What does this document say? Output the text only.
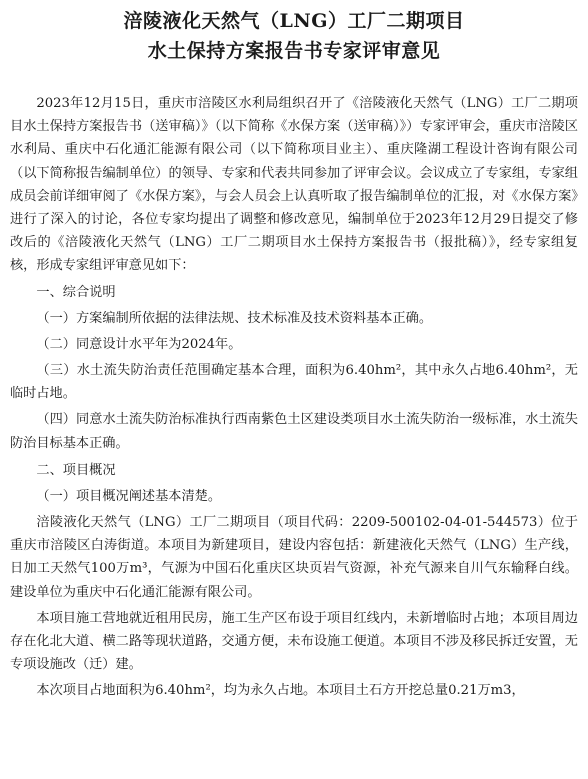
涪陵液化天然气（LNG）工厂二期项目

水土保持方案报告书专家评审意见

2023年12月15日，重庆市涪陵区水利局组织召开了《涪陵液化天然气（LNG）工厂二期项目水土保持方案报告书（送审稿）》（以下简称《水保方案（送审稿）》）专家评审会，重庆市涪陵区水利局、重庆中石化通汇能源有限公司（以下简称项目业主）、重庆隆湖工程设计咨询有限公司（以下简称报告编制单位）的领导、专家和代表共同参加了评审会议。会议成立了专家组，专家组成员会前详细审阅了《水保方案》，与会人员会上认真听取了报告编制单位的汇报，对《水保方案》进行了深入的讨论，各位专家均提出了调整和修改意见，编制单位于2023年12月29日提交了修改后的《涪陵液化天然气（LNG）工厂二期项目水土保持方案报告书（报批稿）》，经专家组复核，形成专家组评审意见如下：

一、综合说明

（一）方案编制所依据的法律法规、技术标准及技术资料基本正确。

（二）同意设计水平年为2024年。

（三）水土流失防治责任范围确定基本合理，面积为6.40hm²，其中永久占地6.40hm²，无临时占地。

（四）同意水土流失防治标准执行西南紫色土区建设类项目水土流失防治一级标准，水土流失防治目标基本正确。

二、项目概况

（一）项目概况阐述基本清楚。

涪陵液化天然气（LNG）工厂二期项目（项目代码：2209-500102-04-01-544573）位于重庆市涪陵区白涛街道。本项目为新建项目，建设内容包括：新建液化天然气（LNG）生产线，日加工天然气100万m³，气源为中国石化重庆区块页岩气资源，补充气源来自川气东输释白线。建设单位为重庆中石化通汇能源有限公司。

本项目施工营地就近租用民房，施工生产区布设于项目红线内，未新增临时占地；本项目周边存在化北大道、横二路等现状道路，交通方便，未布设施工便道。本项目不涉及移民拆迁安置，无专项设施改（迁）建。

本次项目占地面积为6.40hm²，均为永久占地。本项目土石方开挖总量0.21万m3，
